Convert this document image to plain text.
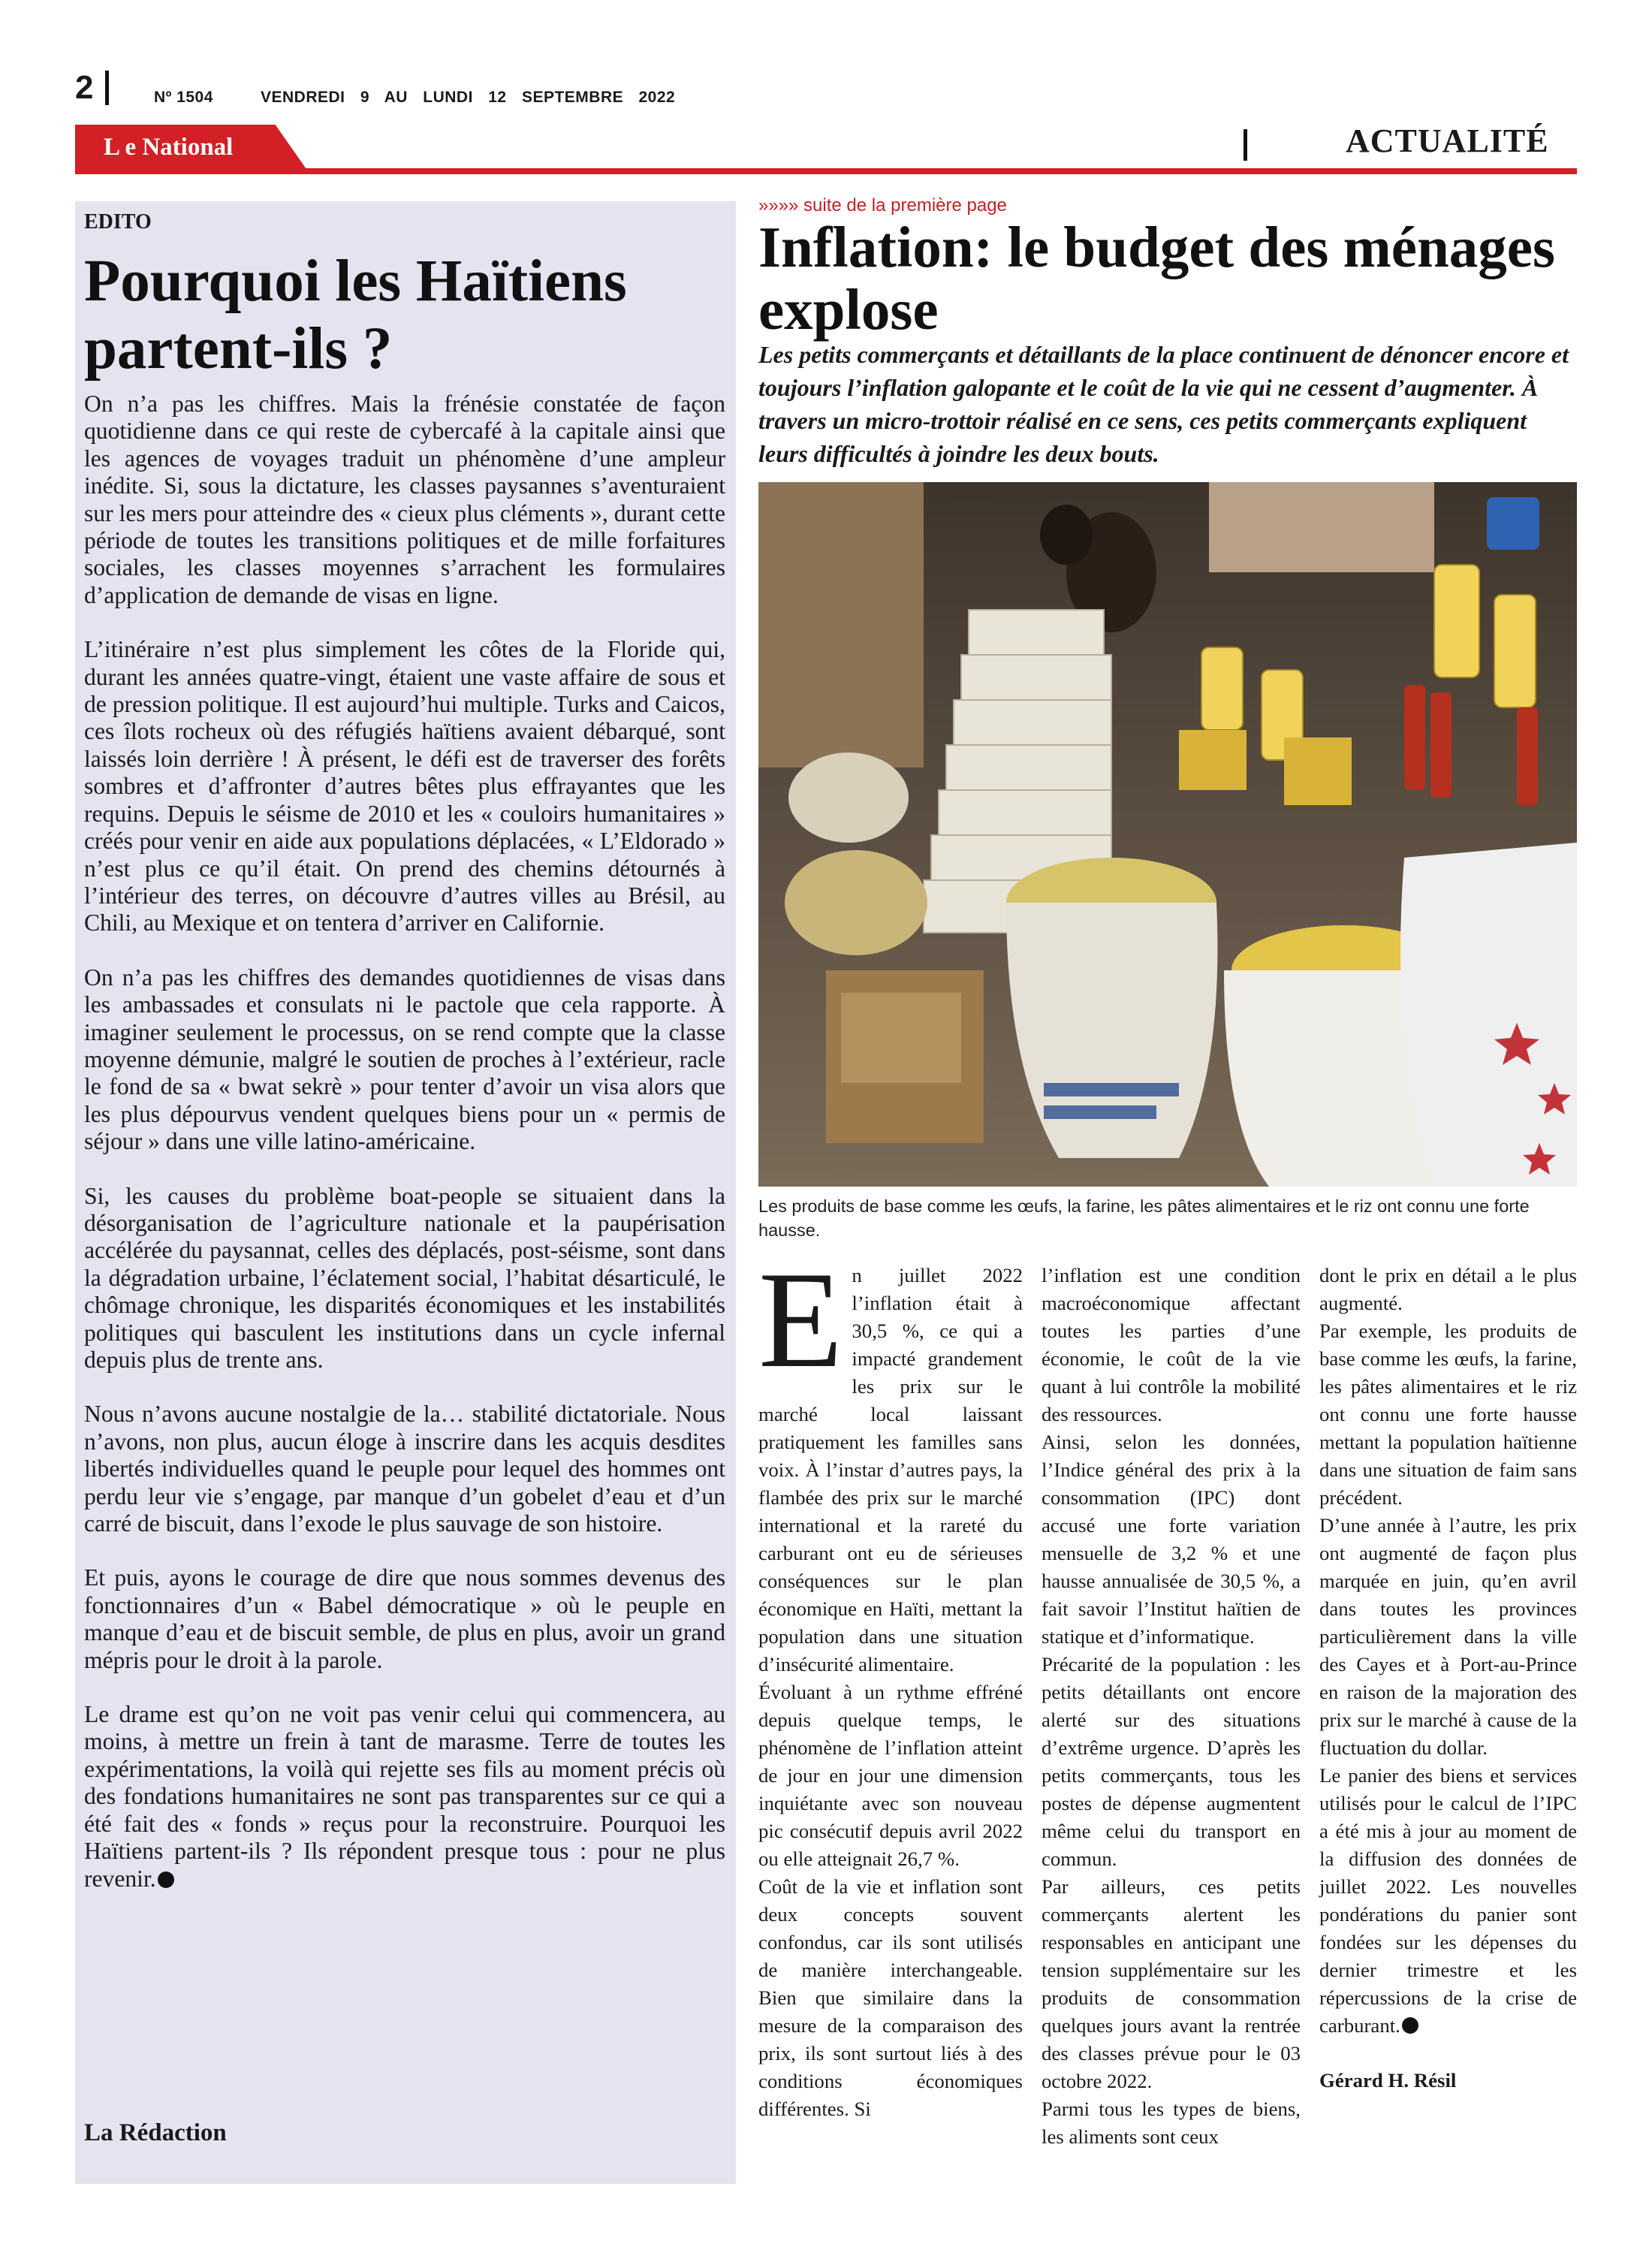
2	Nº 1504	VENDREDI 9 AU LUNDI 12 SEPTEMBRE 2022
L e National	ACTUALITÉ
EDITO
Pourquoi les Haïtiens partent-ils ?

On n’a pas les chiffres. Mais la frénésie constatée de façon quotidienne dans ce qui reste de cybercafé à la capitale ainsi que les agences de voyages traduit un phénomène d’une ampleur inédite. Si, sous la dictature, les classes paysannes s’aventuraient sur les mers pour atteindre des « cieux plus cléments », durant cette période de toutes les transitions politiques et de mille forfaitures sociales, les classes moyennes s’arrachent les formulaires d’application de demande de visas en ligne.

L’itinéraire n’est plus simplement les côtes de la Floride qui, durant les années quatre-vingt, étaient une vaste affaire de sous et de pression politique. Il est aujourd’hui multiple. Turks and Caicos, ces îlots rocheux où des réfugiés haïtiens avaient débarqué, sont laissés loin derrière ! À présent, le défi est de traverser des forêts sombres et d’affronter d’autres bêtes plus effrayantes que les requins. Depuis le séisme de 2010 et les « couloirs humanitaires » créés pour venir en aide aux populations déplacées, « L’Eldorado » n’est plus ce qu’il était. On prend des chemins détournés à l’intérieur des terres, on découvre d’autres villes au Brésil, au Chili, au Mexique et on tentera d’arriver en Californie.

On n’a pas les chiffres des demandes quotidiennes de visas dans les ambassades et consulats ni le pactole que cela rapporte. À imaginer seulement le processus, on se rend compte que la classe moyenne démunie, malgré le soutien de proches à l’extérieur, racle le fond de sa « bwat sekrè » pour tenter d’avoir un visa alors que les plus dépourvus vendent quelques biens pour un « permis de séjour » dans une ville latino-américaine.

Si, les causes du problème boat-people se situaient dans la désorganisation de l’agriculture nationale et la paupérisation accélérée du paysannat, celles des déplacés, post-séisme, sont dans la dégradation urbaine, l’éclatement social, l’habitat désarticulé, le chômage chronique, les disparités économiques et les instabilités politiques qui basculent les institutions dans un cycle infernal depuis plus de trente ans.

Nous n’avons aucune nostalgie de la… stabilité dictatoriale. Nous n’avons, non plus, aucun éloge à inscrire dans les acquis desdites libertés individuelles quand le peuple pour lequel des hommes ont perdu leur vie s’engage, par manque d’un gobelet d’eau et d’un carré de biscuit, dans l’exode le plus sauvage de son histoire.

Et puis, ayons le courage de dire que nous sommes devenus des fonctionnaires d’un « Babel démocratique » où le peuple en manque d’eau et de biscuit semble, de plus en plus, avoir un grand mépris pour le droit à la parole.

Le drame est qu’on ne voit pas venir celui qui commencera, au moins, à mettre un frein à tant de marasme. Terre de toutes les expérimentations, la voilà qui rejette ses fils au moment précis où des fondations humanitaires ne sont pas transparentes sur ce qui a été fait des « fonds » reçus pour la reconstruire. Pourquoi les Haïtiens partent-ils ? Ils répondent presque tous : pour ne plus revenir.

La Rédaction
»»»» suite de la première page
Inflation: le budget des ménages explose

Les petits commerçants et détaillants de la place continuent de dénoncer encore et toujours l’inflation galopante et le coût de la vie qui ne cessent d’augmenter. À travers un micro-trottoir réalisé en ce sens, ces petits commerçants expliquent leurs difficultés à joindre les deux bouts.

Les produits de base comme les œufs, la farine, les pâtes alimentaires et le riz ont connu une forte hausse.

En juillet 2022 l’inflation était à 30,5 %, ce qui a impacté grandement les prix sur le marché local laissant pratiquement les familles sans voix. À l’instar d’autres pays, la flambée des prix sur le marché international et la rareté du carburant ont eu de sérieuses conséquences sur le plan économique en Haïti, mettant la population dans une situation d’insécurité alimentaire.

Évoluant à un rythme effréné depuis quelque temps, le phénomène de l’inflation atteint de jour en jour une dimension inquiétante avec son nouveau pic consécutif depuis avril 2022 ou elle atteignait 26,7 %.

Coût de la vie et inflation sont deux concepts souvent confondus, car ils sont utilisés de manière interchangeable. Bien que similaire dans la mesure de la comparaison des prix, ils sont surtout liés à des conditions économiques différentes. Si

l’inflation est une condition macroéconomique affectant toutes les parties d’une économie, le coût de la vie quant à lui contrôle la mobilité des ressources.

Ainsi, selon les données, l’Indice général des prix à la consommation (IPC) dont accusé une forte variation mensuelle de 3,2 % et une hausse annualisée de 30,5 %, a fait savoir l’Institut haïtien de statique et d’informatique.

Précarité de la population : les petits détaillants ont encore alerté sur des situations d’extrême urgence. D’après les petits commerçants, tous les postes de dépense augmentent même celui du transport en commun.

Par ailleurs, ces petits commerçants alertent les responsables en anticipant une tension supplémentaire sur les produits de consommation quelques jours avant la rentrée des classes prévue pour le 03 octobre 2022.

Parmi tous les types de biens, les aliments sont ceux

dont le prix en détail a le plus augmenté.

Par exemple, les produits de base comme les œufs, la farine, les pâtes alimentaires et le riz ont connu une forte hausse mettant la population haïtienne dans une situation de faim sans précédent.

D’une année à l’autre, les prix ont augmenté de façon plus marquée en juin, qu’en avril dans toutes les provinces particulièrement dans la ville des Cayes et à Port-au-Prince en raison de la majoration des prix sur le marché à cause de la fluctuation du dollar.

Le panier des biens et services utilisés pour le calcul de l’IPC a été mis à jour au moment de la diffusion des données de juillet 2022. Les nouvelles pondérations du panier sont fondées sur les dépenses du dernier trimestre et les répercussions de la crise de carburant.

Gérard H. Résil
